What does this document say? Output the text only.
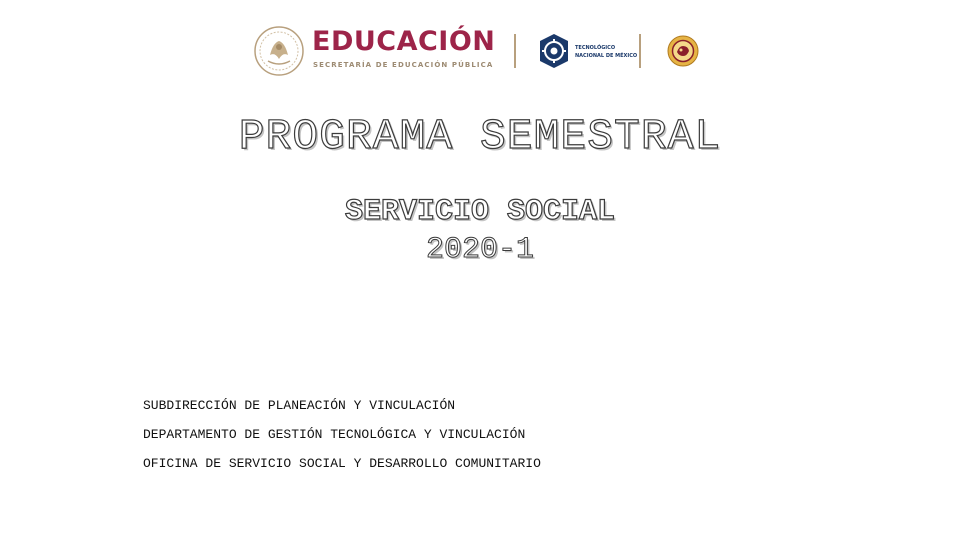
EDUCACIÓN
SECRETARÍA DE EDUCACIÓN PÚBLICA
TECNOLÓGICO
NACIONAL DE MÉXICO
PROGRAMA SEMESTRAL
SERVICIO SOCIAL
2020-1
SUBDIRECCIÓN DE PLANEACIÓN Y VINCULACIÓN
DEPARTAMENTO DE GESTIÓN TECNOLÓGICA Y VINCULACIÓN
OFICINA DE SERVICIO SOCIAL Y DESARROLLO COMUNITARIO
